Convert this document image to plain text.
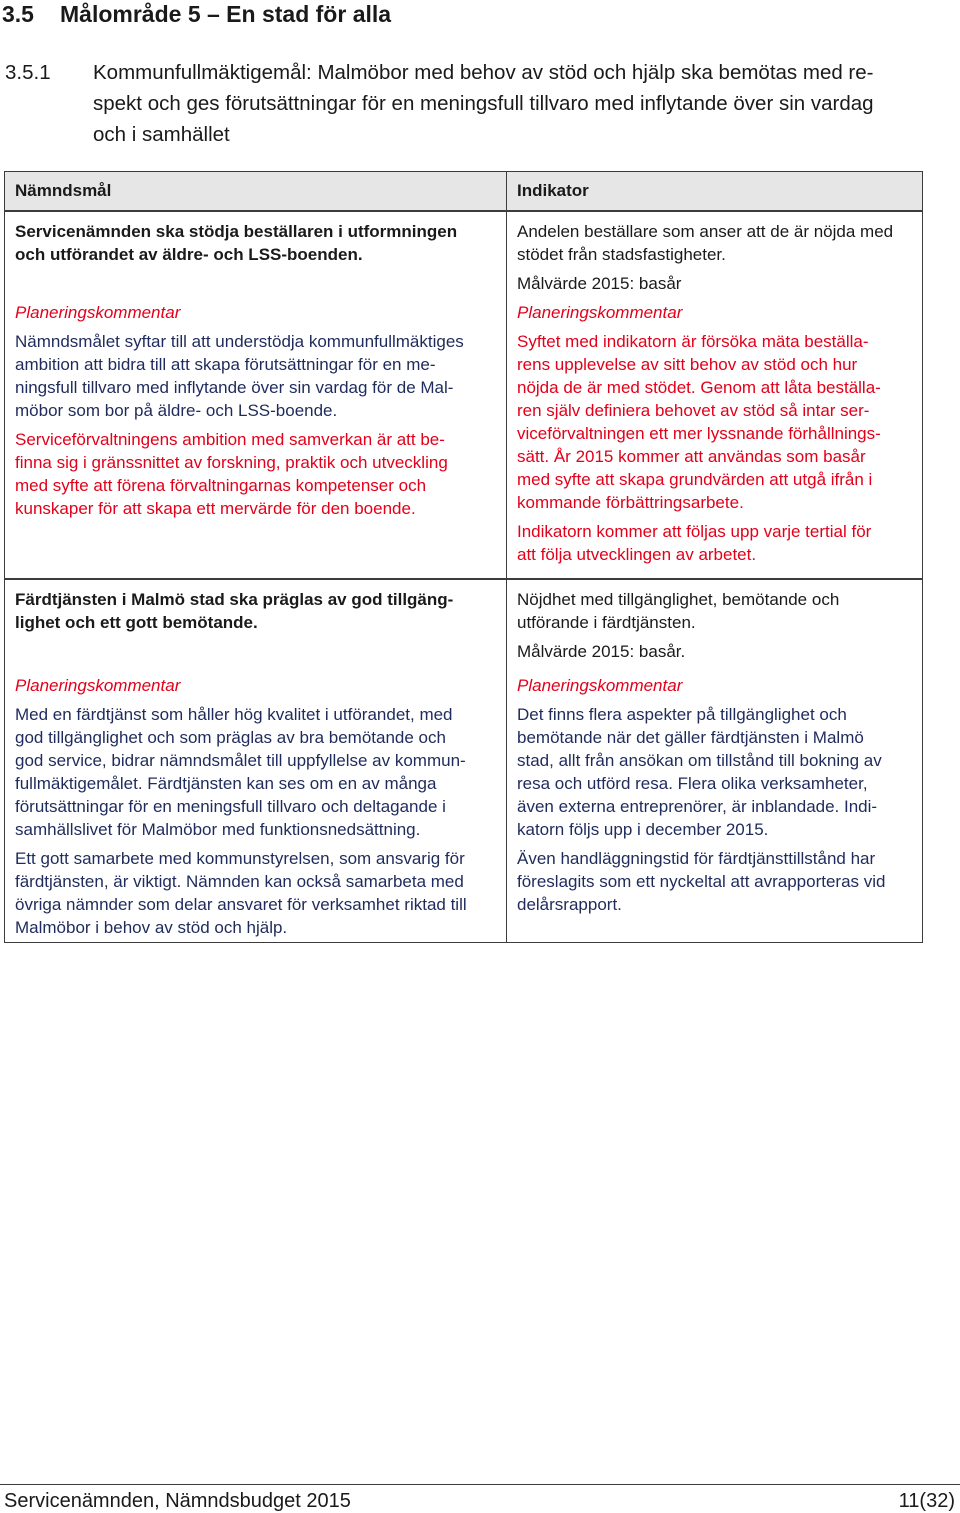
3.5 Målområde 5 – En stad för alla
3.5.1 Kommunfullmäktigemål: Malmöbor med behov av stöd och hjälp ska bemötas med re-
spekt och ges förutsättningar för en meningsfull tillvaro med inflytande över sin vardag
och i samhället
Nämndsmål	Indikator
Servicenämnden ska stödja beställaren i utformningen
och utförandet av äldre- och LSS-boenden.
Andelen beställare som anser att de är nöjda med
stödet från stadsfastigheter.
Målvärde 2015: basår
Planeringskommentar
Nämndsmålet syftar till att understödja kommunfullmäktiges
ambition att bidra till att skapa förutsättningar för en me-
ningsfull tillvaro med inflytande över sin vardag för de Mal-
möbor som bor på äldre- och LSS-boende.
Serviceförvaltningens ambition med samverkan är att be-
finna sig i gränssnittet av forskning, praktik och utveckling
med syfte att förena förvaltningarnas kompetenser och
kunskaper för att skapa ett mervärde för den boende.
Planeringskommentar
Syftet med indikatorn är försöka mäta beställa-
rens upplevelse av sitt behov av stöd och hur
nöjda de är med stödet. Genom att låta beställa-
ren själv definiera behovet av stöd så intar ser-
viceförvaltningen ett mer lyssnande förhållnings-
sätt. År 2015 kommer att användas som basår
med syfte att skapa grundvärden att utgå ifrån i
kommande förbättringsarbete.
Indikatorn kommer att följas upp varje tertial för
att följa utvecklingen av arbetet.
Färdtjänsten i Malmö stad ska präglas av god tillgäng-
lighet och ett gott bemötande.
Nöjdhet med tillgänglighet, bemötande och
utförande i färdtjänsten.
Målvärde 2015: basår.
Planeringskommentar
Med en färdtjänst som håller hög kvalitet i utförandet, med
god tillgänglighet och som präglas av bra bemötande och
god service, bidrar nämndsmålet till uppfyllelse av kommun-
fullmäktigemålet. Färdtjänsten kan ses om en av många
förutsättningar för en meningsfull tillvaro och deltagande i
samhällslivet för Malmöbor med funktionsnedsättning.
Ett gott samarbete med kommunstyrelsen, som ansvarig för
färdtjänsten, är viktigt. Nämnden kan också samarbeta med
övriga nämnder som delar ansvaret för verksamhet riktad till
Malmöbor i behov av stöd och hjälp.
Planeringskommentar
Det finns flera aspekter på tillgänglighet och
bemötande när det gäller färdtjänsten i Malmö
stad, allt från ansökan om tillstånd till bokning av
resa och utförd resa. Flera olika verksamheter,
även externa entreprenörer, är inblandade. Indi-
katorn följs upp i december 2015.
Även handläggningstid för färdtjänsttillstånd har
föreslagits som ett nyckeltal att avrapporteras vid
delårsrapport.
Servicenämnden, Nämndsbudget 2015	11(32)
